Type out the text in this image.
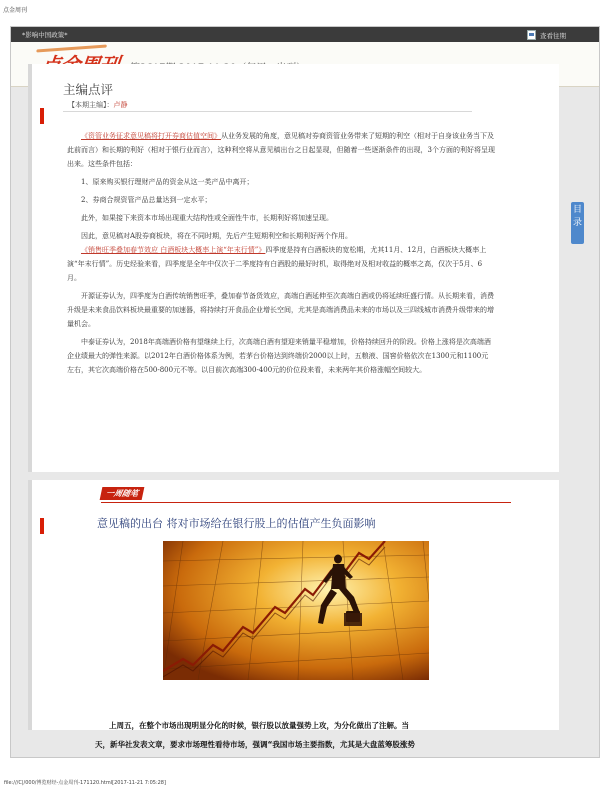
点金周刊
*影响中国政策*	查看往期
主编点评
【本期主编】：卢静

《资管业务征求意见稿将打开券商估值空间》从业务发展的角度，意见稿对券商资管业务带来了短期的利空（相对于自身该业务当下及此前而言）和长期的利好（相对于银行业而言），这种利空将从意见稿出台之日起显现，但随着一些逐渐条件的出现，3个方面的利好将呈现出来。这些条件包括：

1、原来购买银行理财产品的资金从这一类产品中离开；

2、券商合规资管产品总量达到一定水平；

此外，如果接下来资本市场出现重大结构性或全面性牛市，长期利好将加速呈现。

因此，意见稿对A股券商板块，将在不同时期，先后产生短期利空和长期利好两个作用。

《销售旺季叠加春节效应 白酒板块大概率上演“年末行情”》四季度是持有白酒板块的宽松期，尤其11月、12月，白酒板块大概率上演“年末行情”。历史经验来看，四季度是全年中仅次于二季度持有白酒股的最好时机，取得绝对及相对收益的概率之高，仅次于5月、6月。

开源证券认为，四季度为白酒传统销售旺季，叠加春节备货效应，高端白酒延伸至次高端白酒或仍将延续旺盛行情。从长期来看，消费升级是未来食品饮料板块最重要的加速器，将持续打开食品企业增长空间，尤其是高端消费品未来的市场以及三四线城市消费升级带来的增量机会。

中泰证券认为，2018年高端酒价格有望继续上行，次高端白酒有望迎来销量平稳增加，价格持续回升的阶段。价格上涨将是次高端酒企业绩最大的弹性来源。以2012年白酒价格体系为例，若茅台价格达到终端价2000以上时，五粮液、国窖价格依次在1300元和1100元左右，其它次高端价格在500-800元不等。以目前次高端300-400元的价位段来看，未来两年其价格涨幅空间较大。

目录
一周随笔
意见稿的出台 将对市场给在银行股上的估值产生负面影响
上周五，在整个市场出现明显分化的时候，银行股以放量强势上攻，为分化做出了注解。当
天，新华社发表文章，要求市场理性看待市场，强调“我国市场主要指数，尤其是大盘蓝筹股涨势
file:///C|/000/博览财经-点金周刊-171120.html[2017-11-21 7:05:28]
